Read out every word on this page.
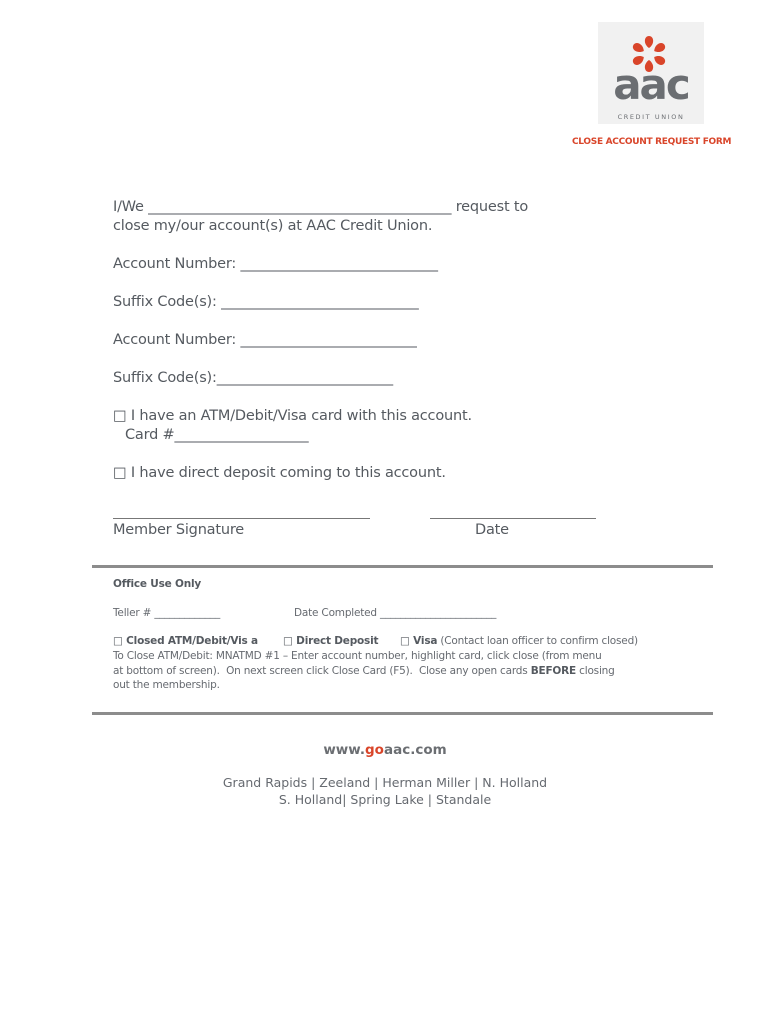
aac
CREDIT UNION
CLOSE ACCOUNT REQUEST FORM
I/We ___________________________________________ request to
close my/our account(s) at AAC Credit Union.
Account Number: ____________________________
Suffix Code(s): ____________________________
Account Number: _________________________
Suffix Code(s):_________________________
□ I have an ATM/Debit/Visa card with this account.
Card #___________________
□ I have direct deposit coming to this account.
Member Signature	Date
Office Use Only
Teller # _____________	Date Completed _______________________
□ Closed ATM/Debit/Vis a □ Direct Deposit □ Visa (Contact loan officer to confirm closed)
To Close ATM/Debit: MNATMD #1 – Enter account number, highlight card, click close (from menu
at bottom of screen).  On next screen click Close Card (F5).  Close any open cards BEFORE closing
out the membership.
www.goaac.com
Grand Rapids | Zeeland | Herman Miller | N. Holland
S. Holland| Spring Lake | Standale
